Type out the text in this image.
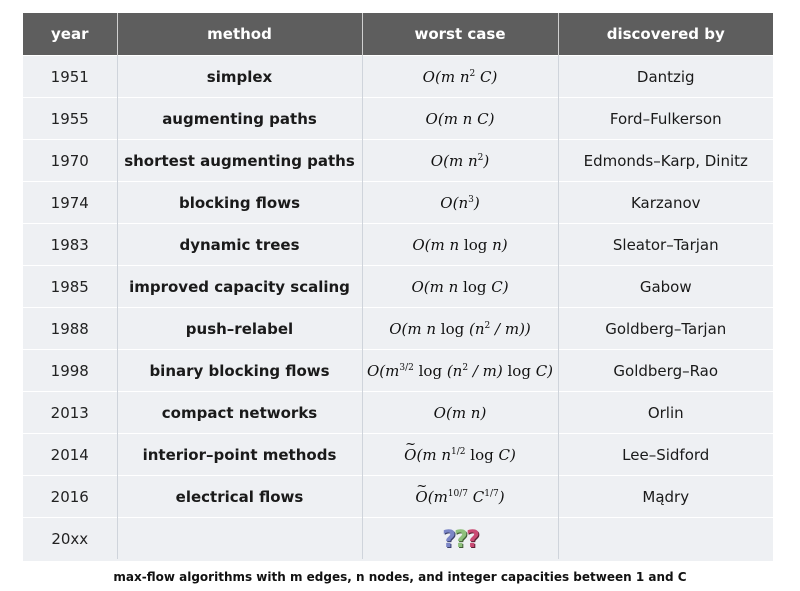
year	method	worst case	discovered by
1951	simplex	O(m $n^2$ C)	Dantzig
1955	augmenting paths	O(m n C)	Ford–Fulkerson
1970	shortest augmenting paths	O(m $n^2$)	Edmonds–Karp, Dinitz
1974	blocking flows	$O(n^3)$	Karzanov
1983	dynamic trees	O(m n log n)	Sleator–Tarjan
1985	improved capacity scaling	O(m n log C)	Gabow
1988	push–relabel	O(m n $\log (n^2 / m)$)	Goldberg–Tarjan
1998	binary blocking flows	$O(m^{3/2}$ $\log (n^2 / m)$ log C)	Goldberg–Rao
2013	compact networks	O(m n)	Orlin
2014	interior–point methods	~ O(m $n^{1/2}$ log C)	Lee–Sidford
2016	electrical flows	~ $O(m^{10/7}$ $C^{1/7}$)	Mądry
20xx		???	
max-flow algorithms with m edges, n nodes, and integer capacities between 1 and C
